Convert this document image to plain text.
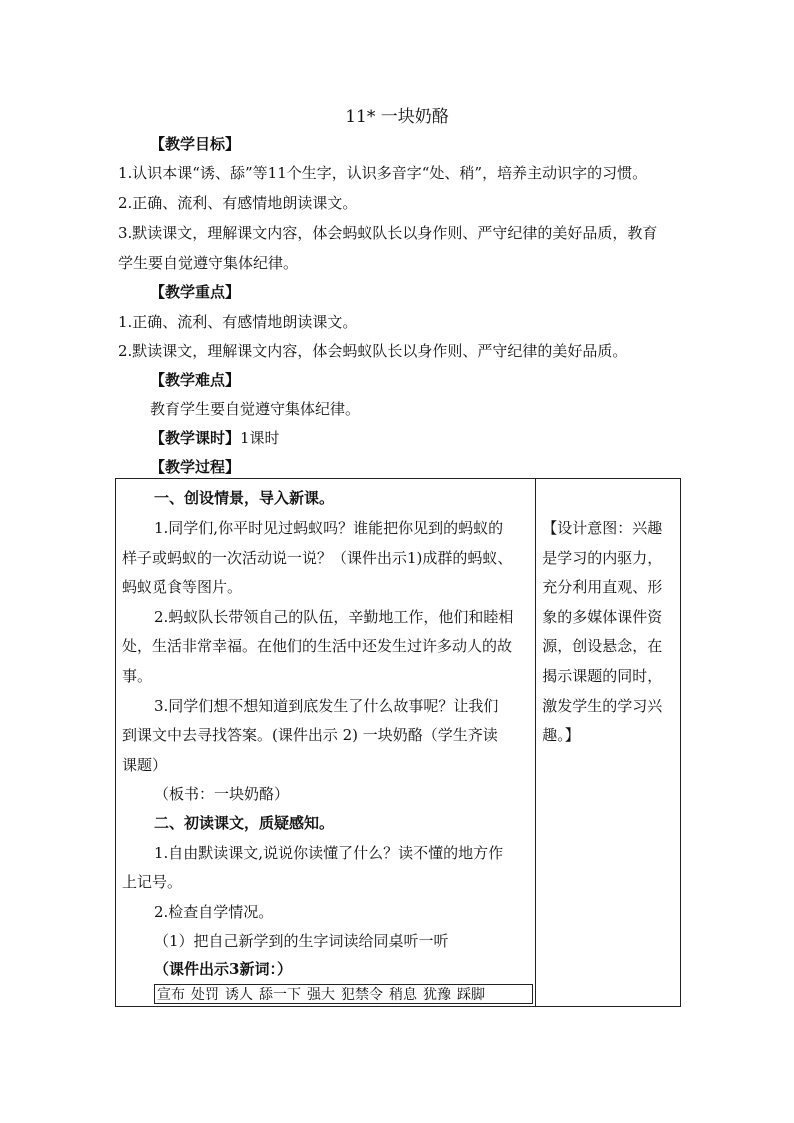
11* 一块奶酪
【教学目标】
1.认识本课“诱、舔”等11个生字，认识多音字“处、稍”，培养主动识字的习惯。
2.正确、流利、有感情地朗读课文。
3.默读课文，理解课文内容，体会蚂蚁队长以身作则、严守纪律的美好品质，教育
学生要自觉遵守集体纪律。
【教学重点】
1.正确、流利、有感情地朗读课文。
2.默读课文，理解课文内容，体会蚂蚁队长以身作则、严守纪律的美好品质。
【教学难点】
教育学生要自觉遵守集体纪律。
【教学课时】1课时
【教学过程】
一、创设情景，导入新课。
1.同学们,你平时见过蚂蚁吗？谁能把你见到的蚂蚁的
样子或蚂蚁的一次活动说一说？（课件出示1)成群的蚂蚁、
蚂蚁觅食等图片。
2.蚂蚁队长带领自己的队伍，辛勤地工作，他们和睦相
处，生活非常幸福。在他们的生活中还发生过许多动人的故
事。
3.同学们想不想知道到底发生了什么故事呢？让我们
到课文中去寻找答案。(课件出示 2) 一块奶酪（学生齐读
课题）
（板书：一块奶酪）
二、初读课文，质疑感知。
1.自由默读课文,说说你读懂了什么？读不懂的地方作
上记号。
2.检查自学情况。
（1）把自己新学到的生字词读给同桌听一听
（课件出示3新词：）
宣布 处罚 诱人 舔一下 强大 犯禁令 稍息 犹豫 踩脚

【设计意图：兴趣
是学习的内驱力，
充分利用直观、形
象的多媒体课件资
源，创设悬念，在
揭示课题的同时，
激发学生的学习兴
趣。】
